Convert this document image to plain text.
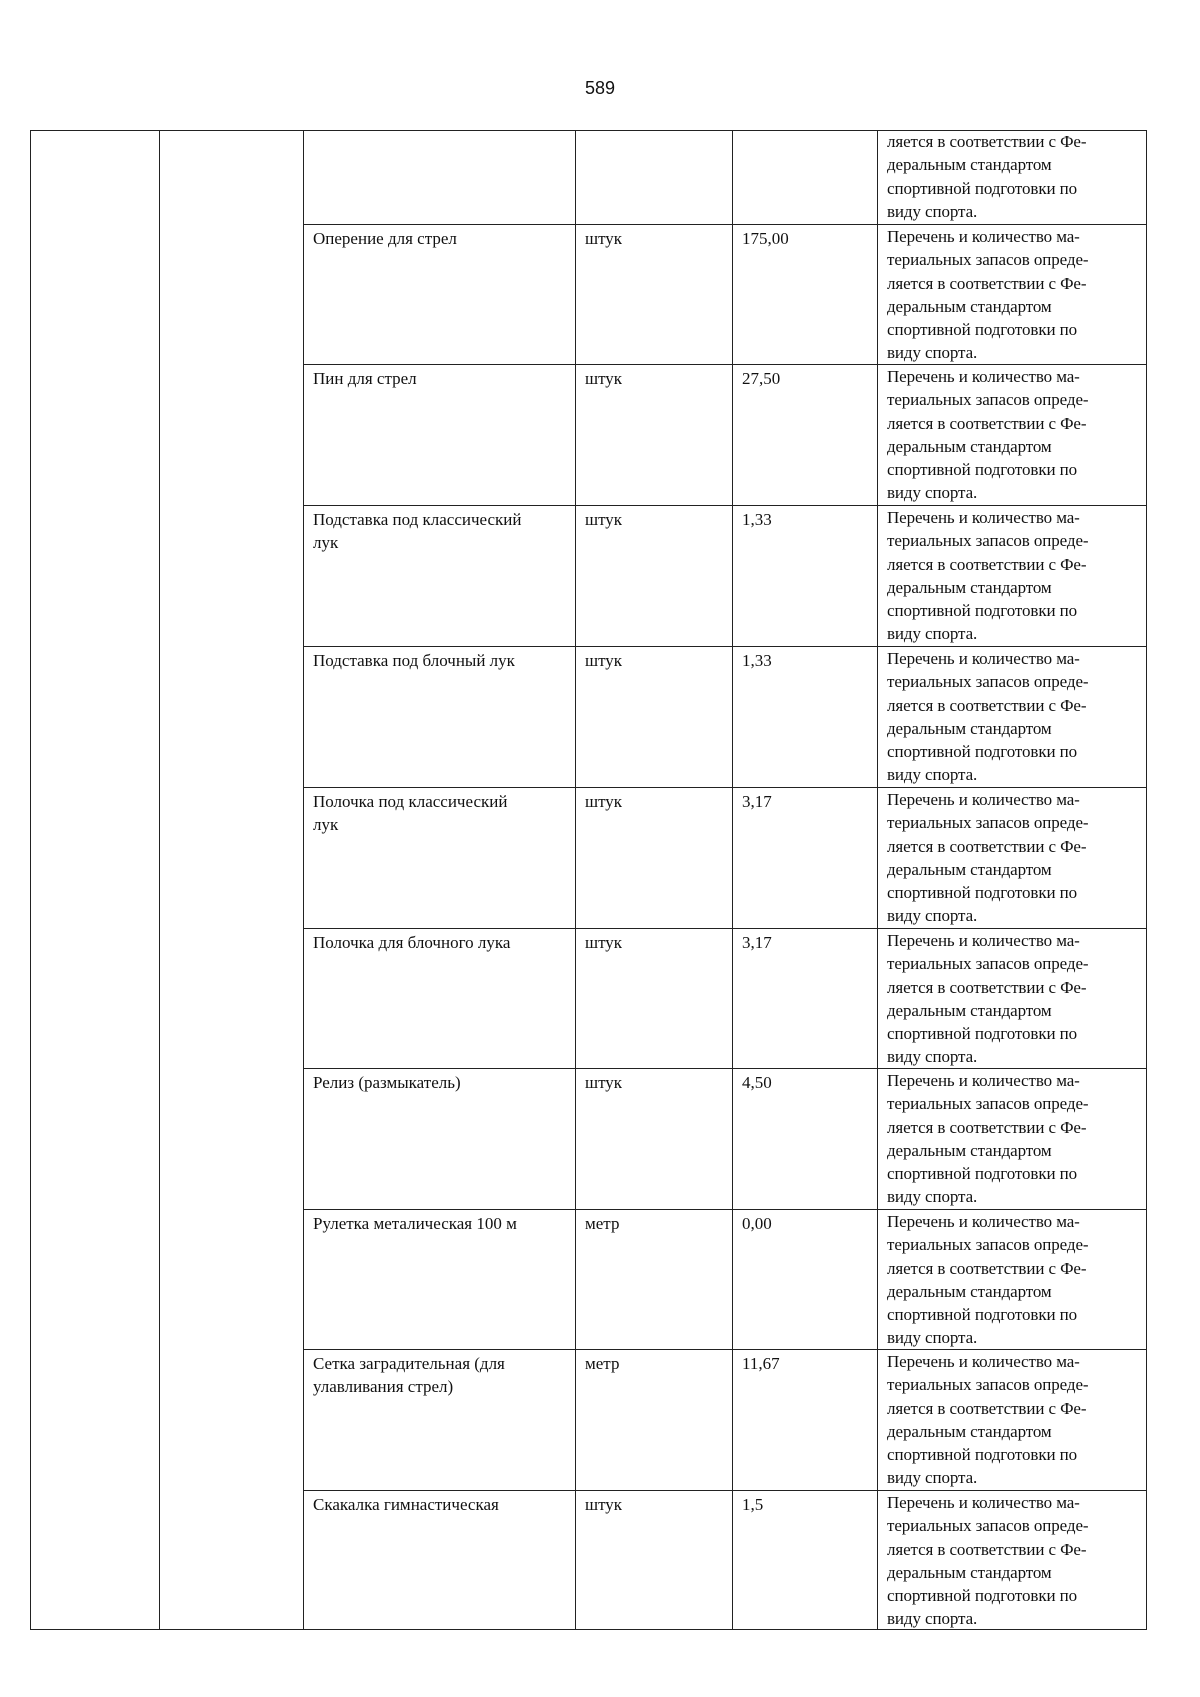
589
ляется в соответствии с Фе-
деральным стандартом
спортивной подготовки по
виду спорта.
Оперение для стрел	штук	175,00	Перечень и количество ма-
териальных запасов опреде-
ляется в соответствии с Фе-
деральным стандартом
спортивной подготовки по
виду спорта.
Пин для стрел	штук	27,50	Перечень и количество ма-
териальных запасов опреде-
ляется в соответствии с Фе-
деральным стандартом
спортивной подготовки по
виду спорта.
Подставка под классический
лук
штук	1,33	Перечень и количество ма-
териальных запасов опреде-
ляется в соответствии с Фе-
деральным стандартом
спортивной подготовки по
виду спорта.
Подставка под блочный лук	штук	1,33	Перечень и количество ма-
териальных запасов опреде-
ляется в соответствии с Фе-
деральным стандартом
спортивной подготовки по
виду спорта.
Полочка под классический
лук
штук	3,17	Перечень и количество ма-
териальных запасов опреде-
ляется в соответствии с Фе-
деральным стандартом
спортивной подготовки по
виду спорта.
Полочка для блочного лука	штук	3,17	Перечень и количество ма-
териальных запасов опреде-
ляется в соответствии с Фе-
деральным стандартом
спортивной подготовки по
виду спорта.
Релиз (размыкатель)	штук	4,50	Перечень и количество ма-
териальных запасов опреде-
ляется в соответствии с Фе-
деральным стандартом
спортивной подготовки по
виду спорта.
Рулетка металическая 100 м	метр	0,00	Перечень и количество ма-
териальных запасов опреде-
ляется в соответствии с Фе-
деральным стандартом
спортивной подготовки по
виду спорта.
Сетка заградительная (для
улавливания стрел)
метр	11,67	Перечень и количество ма-
териальных запасов опреде-
ляется в соответствии с Фе-
деральным стандартом
спортивной подготовки по
виду спорта.
Скакалка гимнастическая	штук	1,5	Перечень и количество ма-
териальных запасов опреде-
ляется в соответствии с Фе-
деральным стандартом
спортивной подготовки по
виду спорта.
